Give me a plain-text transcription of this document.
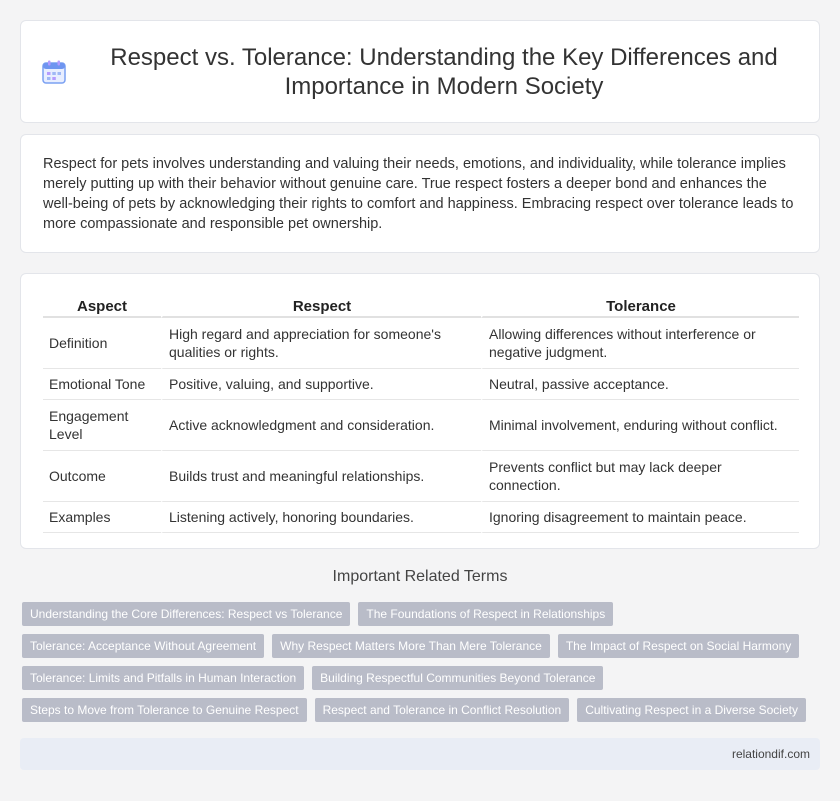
Respect vs. Tolerance: Understanding the Key Differences and Importance in Modern Society

Respect for pets involves understanding and valuing their needs, emotions, and individuality, while tolerance implies merely putting up with their behavior without genuine care. True respect fosters a deeper bond and enhances the well-being of pets by acknowledging their rights to comfort and happiness. Embracing respect over tolerance leads to more compassionate and responsible pet ownership.

Aspect	Respect	Tolerance
Definition	High regard and appreciation for someone's qualities or rights.	Allowing differences without interference or negative judgment.
Emotional Tone	Positive, valuing, and supportive.	Neutral, passive acceptance.
Engagement Level	Active acknowledgment and consideration.	Minimal involvement, enduring without conflict.
Outcome	Builds trust and meaningful relationships.	Prevents conflict but may lack deeper connection.
Examples	Listening actively, honoring boundaries.	Ignoring disagreement to maintain peace.
Important Related Terms
Understanding the Core Differences: Respect vs Tolerance	The Foundations of Respect in Relationships
Tolerance: Acceptance Without Agreement	Why Respect Matters More Than Mere Tolerance	The Impact of Respect on Social Harmony
Tolerance: Limits and Pitfalls in Human Interaction	Building Respectful Communities Beyond Tolerance
Steps to Move from Tolerance to Genuine Respect	Respect and Tolerance in Conflict Resolution	Cultivating Respect in a Diverse Society
relationdif.com
